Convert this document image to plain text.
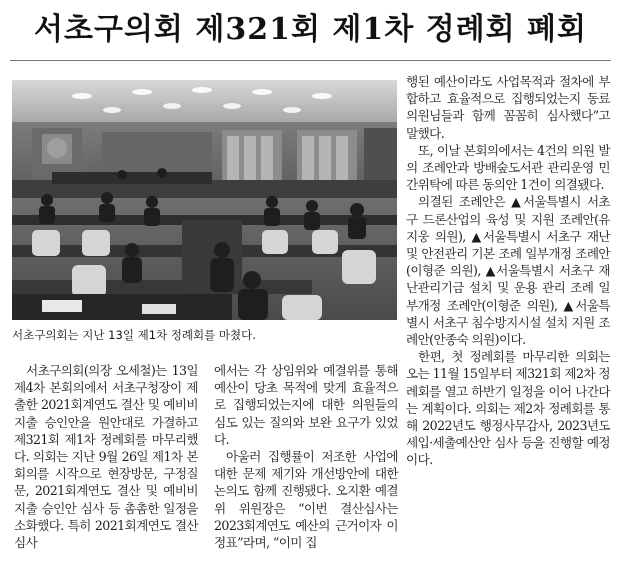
서초구의회 제321회 제1차 정례회 폐회
서초구의회는 지난 13일 제1차 정례회를 마쳤다.

서초구의회(의장 오세철)는 13일 제4차 본회의에서 서초구청장이 제출한 2021회계연도 결산 및 예비비 지출 승인안을 원안대로 가결하고 제321회 제1차 정례회를 마무리했다. 의회는 지난 9월 26일 제1차 본회의를 시작으로 현장방문, 구정질문, 2021회계연도 결산 및 예비비 지출 승인안 심사 등 촘촘한 일정을 소화했다. 특히 2021회계연도 결산 심사

에서는 각 상임위와 예결위를 통해 예산이 당초 목적에 맞게 효율적으로 집행되었는지에 대한 의원들의 심도 있는 질의와 보완 요구가 있었다.

아울러 집행률이 저조한 사업에 대한 문제 제기와 개선방안에 대한 논의도 함께 진행됐다. 오지환 예결위 위원장은 “이번 결산심사는 2023회계연도 예산의 근거이자 이정표”라며, “이미 집

행된 예산이라도 사업목적과 절차에 부합하고 효율적으로 집행되었는지 동료의원님들과 함께 꼼꼼히 심사했다”고 말했다.

또, 이날 본회의에서는 4건의 의원 발의 조례안과 방배숲도서관 관리운영 민간위탁에 따른 동의안 1건이 의결됐다.

의결된 조례안은 ▲서울특별시 서초구 드론산업의 육성 및 지원 조례안(유지웅 의원), ▲서울특별시 서초구 재난 및 안전관리 기본 조례 일부개정 조례안(이형준 의원), ▲서울특별시 서초구 재난관리기금 설치 및 운용 관리 조례 일부개정 조례안(이형준 의원), ▲서울특별시 서초구 침수방지시설 설치 지원 조례안(안종숙 의원)이다.

한편, 첫 정례회를 마무리한 의회는 오는 11월 15일부터 제321회 제2차 정례회를 열고 하반기 일정을 이어 나간다는 계획이다. 의회는 제2차 정례회를 통해 2022년도 행정사무감사, 2023년도 세입·세출예산안 심사 등을 진행할 예정이다.
